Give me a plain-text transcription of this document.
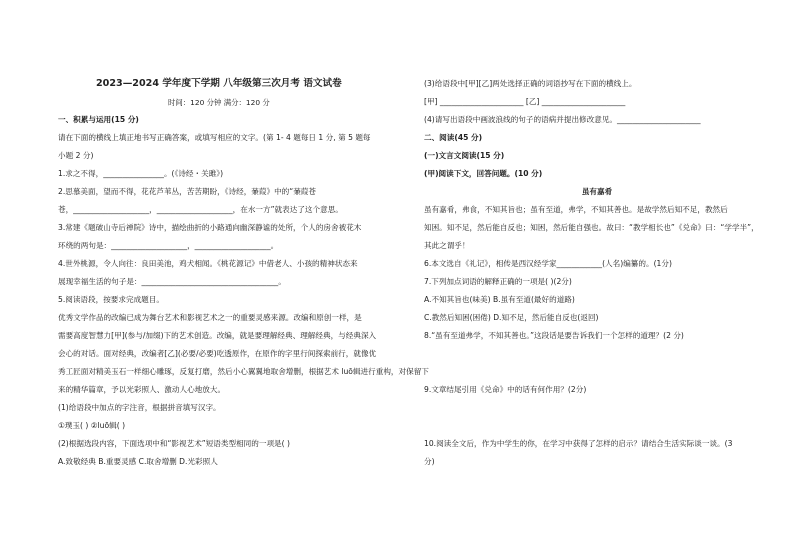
2023—2024 学年度下学期 八年级第三次月考 语文试卷
时间：120 分钟 满分：120 分
一、积累与运用(15 分)
请在下面的横线上填正地书写正确答案，或填写相应的文字。(第 1- 4 题每日 1 分, 第 5 题每
小题 2 分)
1.求之不得，________________。(《诗经・关雎》)
2.思慕美面，望而不得，花花芦苇丛，苦苦期盼，《诗经，蒹葭》中的“蒹葭苍
苍，____________________，____________________，在水一方”就表达了这个意思。
3.常建《题破山寺后禅院》诗中，描绘曲折的小路通向幽深静谧的处所，个人的房舍被花木
环绕的两句是：____________________，____________________。
4.世外桃源，令人向往：良田美池，鸡犬相闻。《桃花源记》中借老人、小孩的精神状态来
展现幸福生活的句子是：____________________________________。
5.阅读语段，按要求完成题目。
优秀文学作品的改编已成为舞台艺术和影视艺术之一的重要灵感来源。改编和原创一样，是
需要高度智慧力[甲](参与/加缀)下的艺术创造。改编，就是要理解经典、理解经典，与经典深入
会心的对话。面对经典，改编者[乙](必要/必要)吃透原作，在原作的字里行间探索前行，就像优
秀工匠面对精美玉石一样细心雕琢，反复打磨，然后小心翼翼地取舍增删，根据艺术 luō辑进行重构，对保留下
来的精华篇章，予以光彩照人、激动人心地放大。
(1)给语段中加点的字注音，根据拼音填写汉字。
①璞玉( ) ②luō辑( )
(2)根据选段内容，下面选项中和“影视艺术”短语类型相同的一项是( )
A.致敬经典 B.重要灵感 C.取舍增删 D.光彩照人
(3)给语段中[甲][乙]两处选择正确的词语抄写在下面的横线上。
[甲] ______________________ [乙] ______________________
(4)请写出语段中画波浪线的句子的语病并提出修改意见。______________________
二、阅读(45 分)
(一)文言文阅读(15 分)
(甲)阅读下文，回答问题。(10 分)
虽有嘉肴
虽有嘉肴，弗食，不知其旨也；虽有至道，弗学，不知其善也。是故学然后知不足，教然后
知困。知不足，然后能自反也；知困，然后能自强也。故曰：“教学相长也”《兑命》曰：“学学半”，
其此之谓乎！
6.本文选自《礼记》，相传是西汉经学家____________(人名)编纂的。(1分)
7.下列加点词语的解释正确的一项是( )(2分)
A.不知其旨也(味美) B.虽有至道(最好的道路)
C.教然后知困(困倦) D.知不足，然后能自反也(返回)
8.“虽有至道弗学，不知其善也。”这段话是要告诉我们一个怎样的道理？(2 分)
9.文章结尾引用《兑命》中的话有何作用？(2分)
10.阅读全文后，作为中学生的你，在学习中获得了怎样的启示？请结合生活实际谈一谈。(3
分)
